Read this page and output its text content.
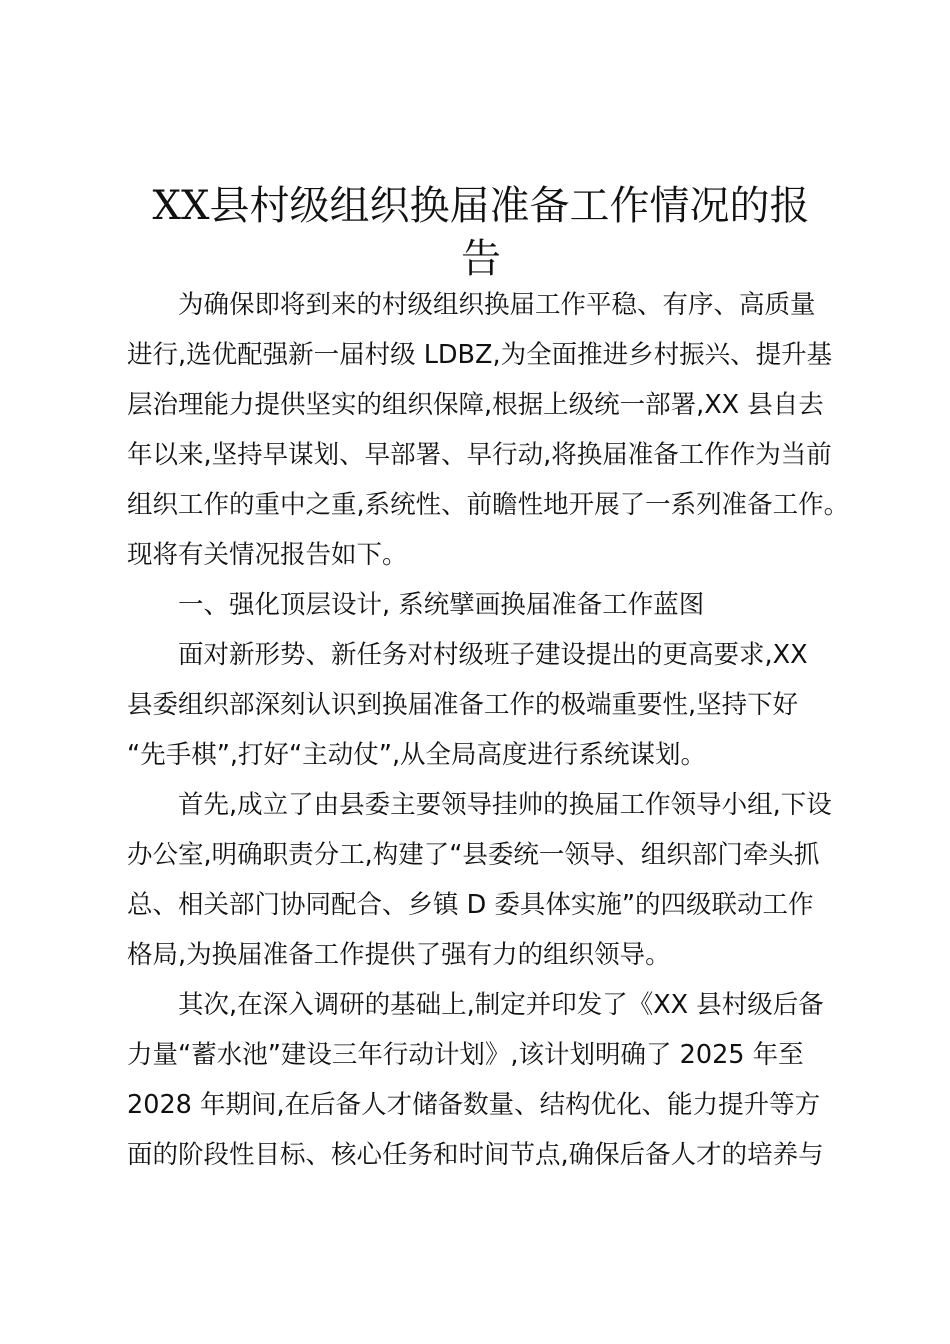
XX县村级组织换届准备工作情况的报
告
为确保即将到来的村级组织换届工作平稳、有序、高质量
进行,选优配强新一届村级 LDBZ,为全面推进乡村振兴、提升基
层治理能力提供坚实的组织保障,根据上级统一部署,XX 县自去
年以来,坚持早谋划、早部署、早行动,将换届准备工作作为当前
组织工作的重中之重,系统性、前瞻性地开展了一系列准备工作。
现将有关情况报告如下。
一、强化顶层设计, 系统擘画换届准备工作蓝图
面对新形势、新任务对村级班子建设提出的更高要求,XX
县委组织部深刻认识到换届准备工作的极端重要性,坚持下好
“先手棋”,打好“主动仗”,从全局高度进行系统谋划。
首先,成立了由县委主要领导挂帅的换届工作领导小组,下设
办公室,明确职责分工,构建了“县委统一领导、组织部门牵头抓
总、相关部门协同配合、乡镇 D 委具体实施”的四级联动工作
格局,为换届准备工作提供了强有力的组织领导。
其次,在深入调研的基础上,制定并印发了《XX 县村级后备
力量“蓄水池”建设三年行动计划》,该计划明确了 2025 年至
2028 年期间,在后备人才储备数量、结构优化、能力提升等方
面的阶段性目标、核心任务和时间节点,确保后备人才的培养与
